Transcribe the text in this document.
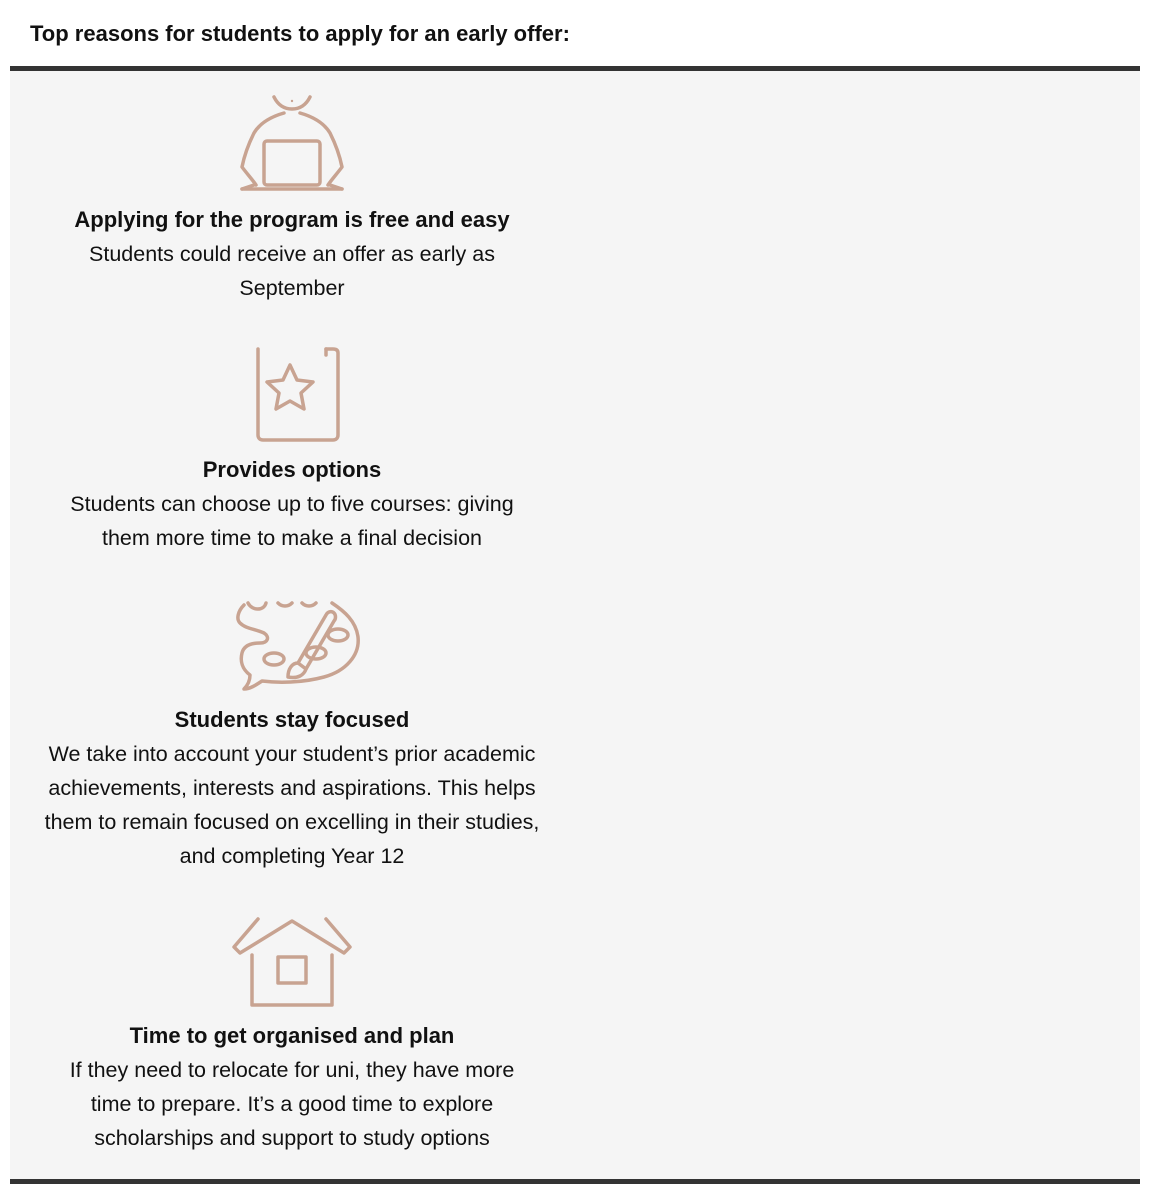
Top reasons for students to apply for an early offer:
Applying for the program is free and easy
Students could receive an offer as early as September
Provides options
Students can choose up to five courses: giving them more time to make a final decision
Students stay focused
We take into account your student’s prior academic achievements, interests and aspirations. This helps them to remain focused on excelling in their studies, and completing Year 12
Time to get organised and plan
If they need to relocate for uni, they have more time to prepare. It’s a good time to explore scholarships and support to study options
